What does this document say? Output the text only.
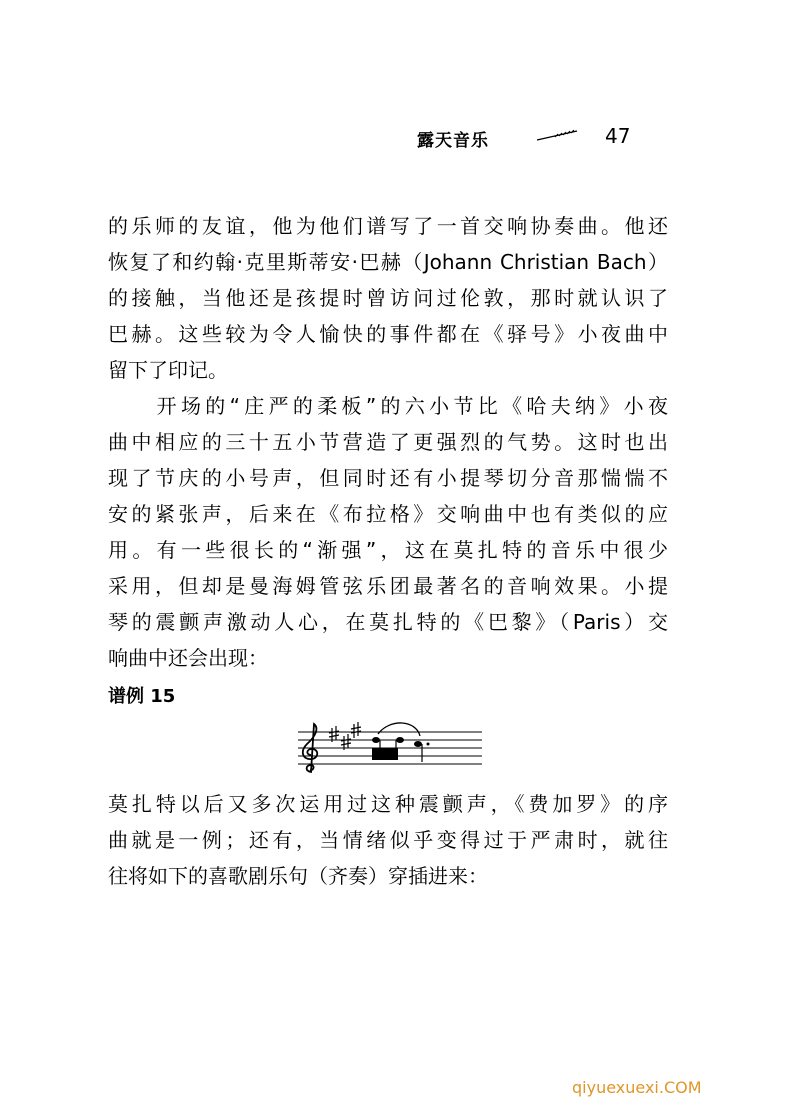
露天音乐	47
的乐师的友谊，他为他们谱写了一首交响协奏曲。他还
恢复了和约翰·克里斯蒂安·巴赫（Johann Christian Bach）
的接触，当他还是孩提时曾访问过伦敦，那时就认识了
巴赫。这些较为令人愉快的事件都在《驿号》小夜曲中
留下了印记。
　　开场的“庄严的柔板”的六小节比《哈夫纳》小夜
曲中相应的三十五小节营造了更强烈的气势。这时也出
现了节庆的小号声，但同时还有小提琴切分音那惴惴不
安的紧张声，后来在《布拉格》交响曲中也有类似的应
用。有一些很长的“渐强”，这在莫扎特的音乐中很少
采用，但却是曼海姆管弦乐团最著名的音响效果。小提
琴的震颤声激动人心，在莫扎特的《巴黎》（Paris）交
响曲中还会出现：
谱例 15
莫扎特以后又多次运用过这种震颤声，《费加罗》的序
曲就是一例；还有，当情绪似乎变得过于严肃时，就往
往将如下的喜歌剧乐句（齐奏）穿插进来：
qiyuexuexi.COM
